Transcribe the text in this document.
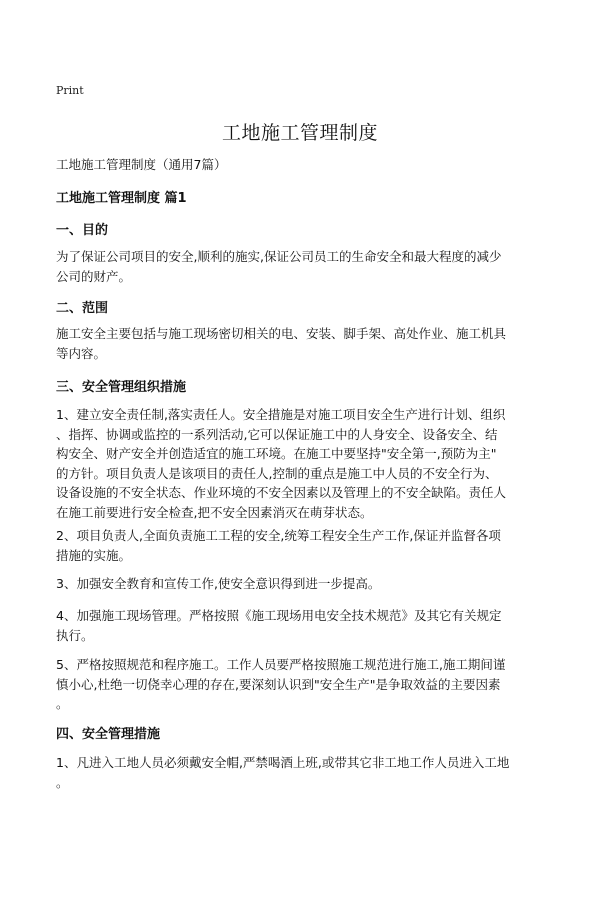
Print
工地施工管理制度
工地施工管理制度（通用7篇）
工地施工管理制度 篇1
一、目的
为了保证公司项目的安全,顺利的施实,保证公司员工的生命安全和最大程度的减少
公司的财产。
二、范围
施工安全主要包括与施工现场密切相关的电、安装、脚手架、高处作业、施工机具
等内容。
三、安全管理组织措施
1、建立安全责任制,落实责任人。安全措施是对施工项目安全生产进行计划、组织
、指挥、协调或监控的一系列活动,它可以保证施工中的人身安全、设备安全、结
构安全、财产安全并创造适宜的施工环境。在施工中要坚持"安全第一,预防为主"
的方针。项目负责人是该项目的责任人,控制的重点是施工中人员的不安全行为、
设备设施的不安全状态、作业环境的不安全因素以及管理上的不安全缺陷。责任人
在施工前要进行安全检查,把不安全因素消灭在萌芽状态。
2、项目负责人,全面负责施工工程的安全,统筹工程安全生产工作,保证并监督各项
措施的实施。
3、加强安全教育和宣传工作,使安全意识得到进一步提高。
4、加强施工现场管理。严格按照《施工现场用电安全技术规范》及其它有关规定
执行。
5、严格按照规范和程序施工。工作人员要严格按照施工规范进行施工,施工期间谨
慎小心,杜绝一切侥幸心理的存在,要深刻认识到"安全生产"是争取效益的主要因素
。
四、安全管理措施
1、凡进入工地人员必须戴安全帽,严禁喝酒上班,或带其它非工地工作人员进入工地
。
